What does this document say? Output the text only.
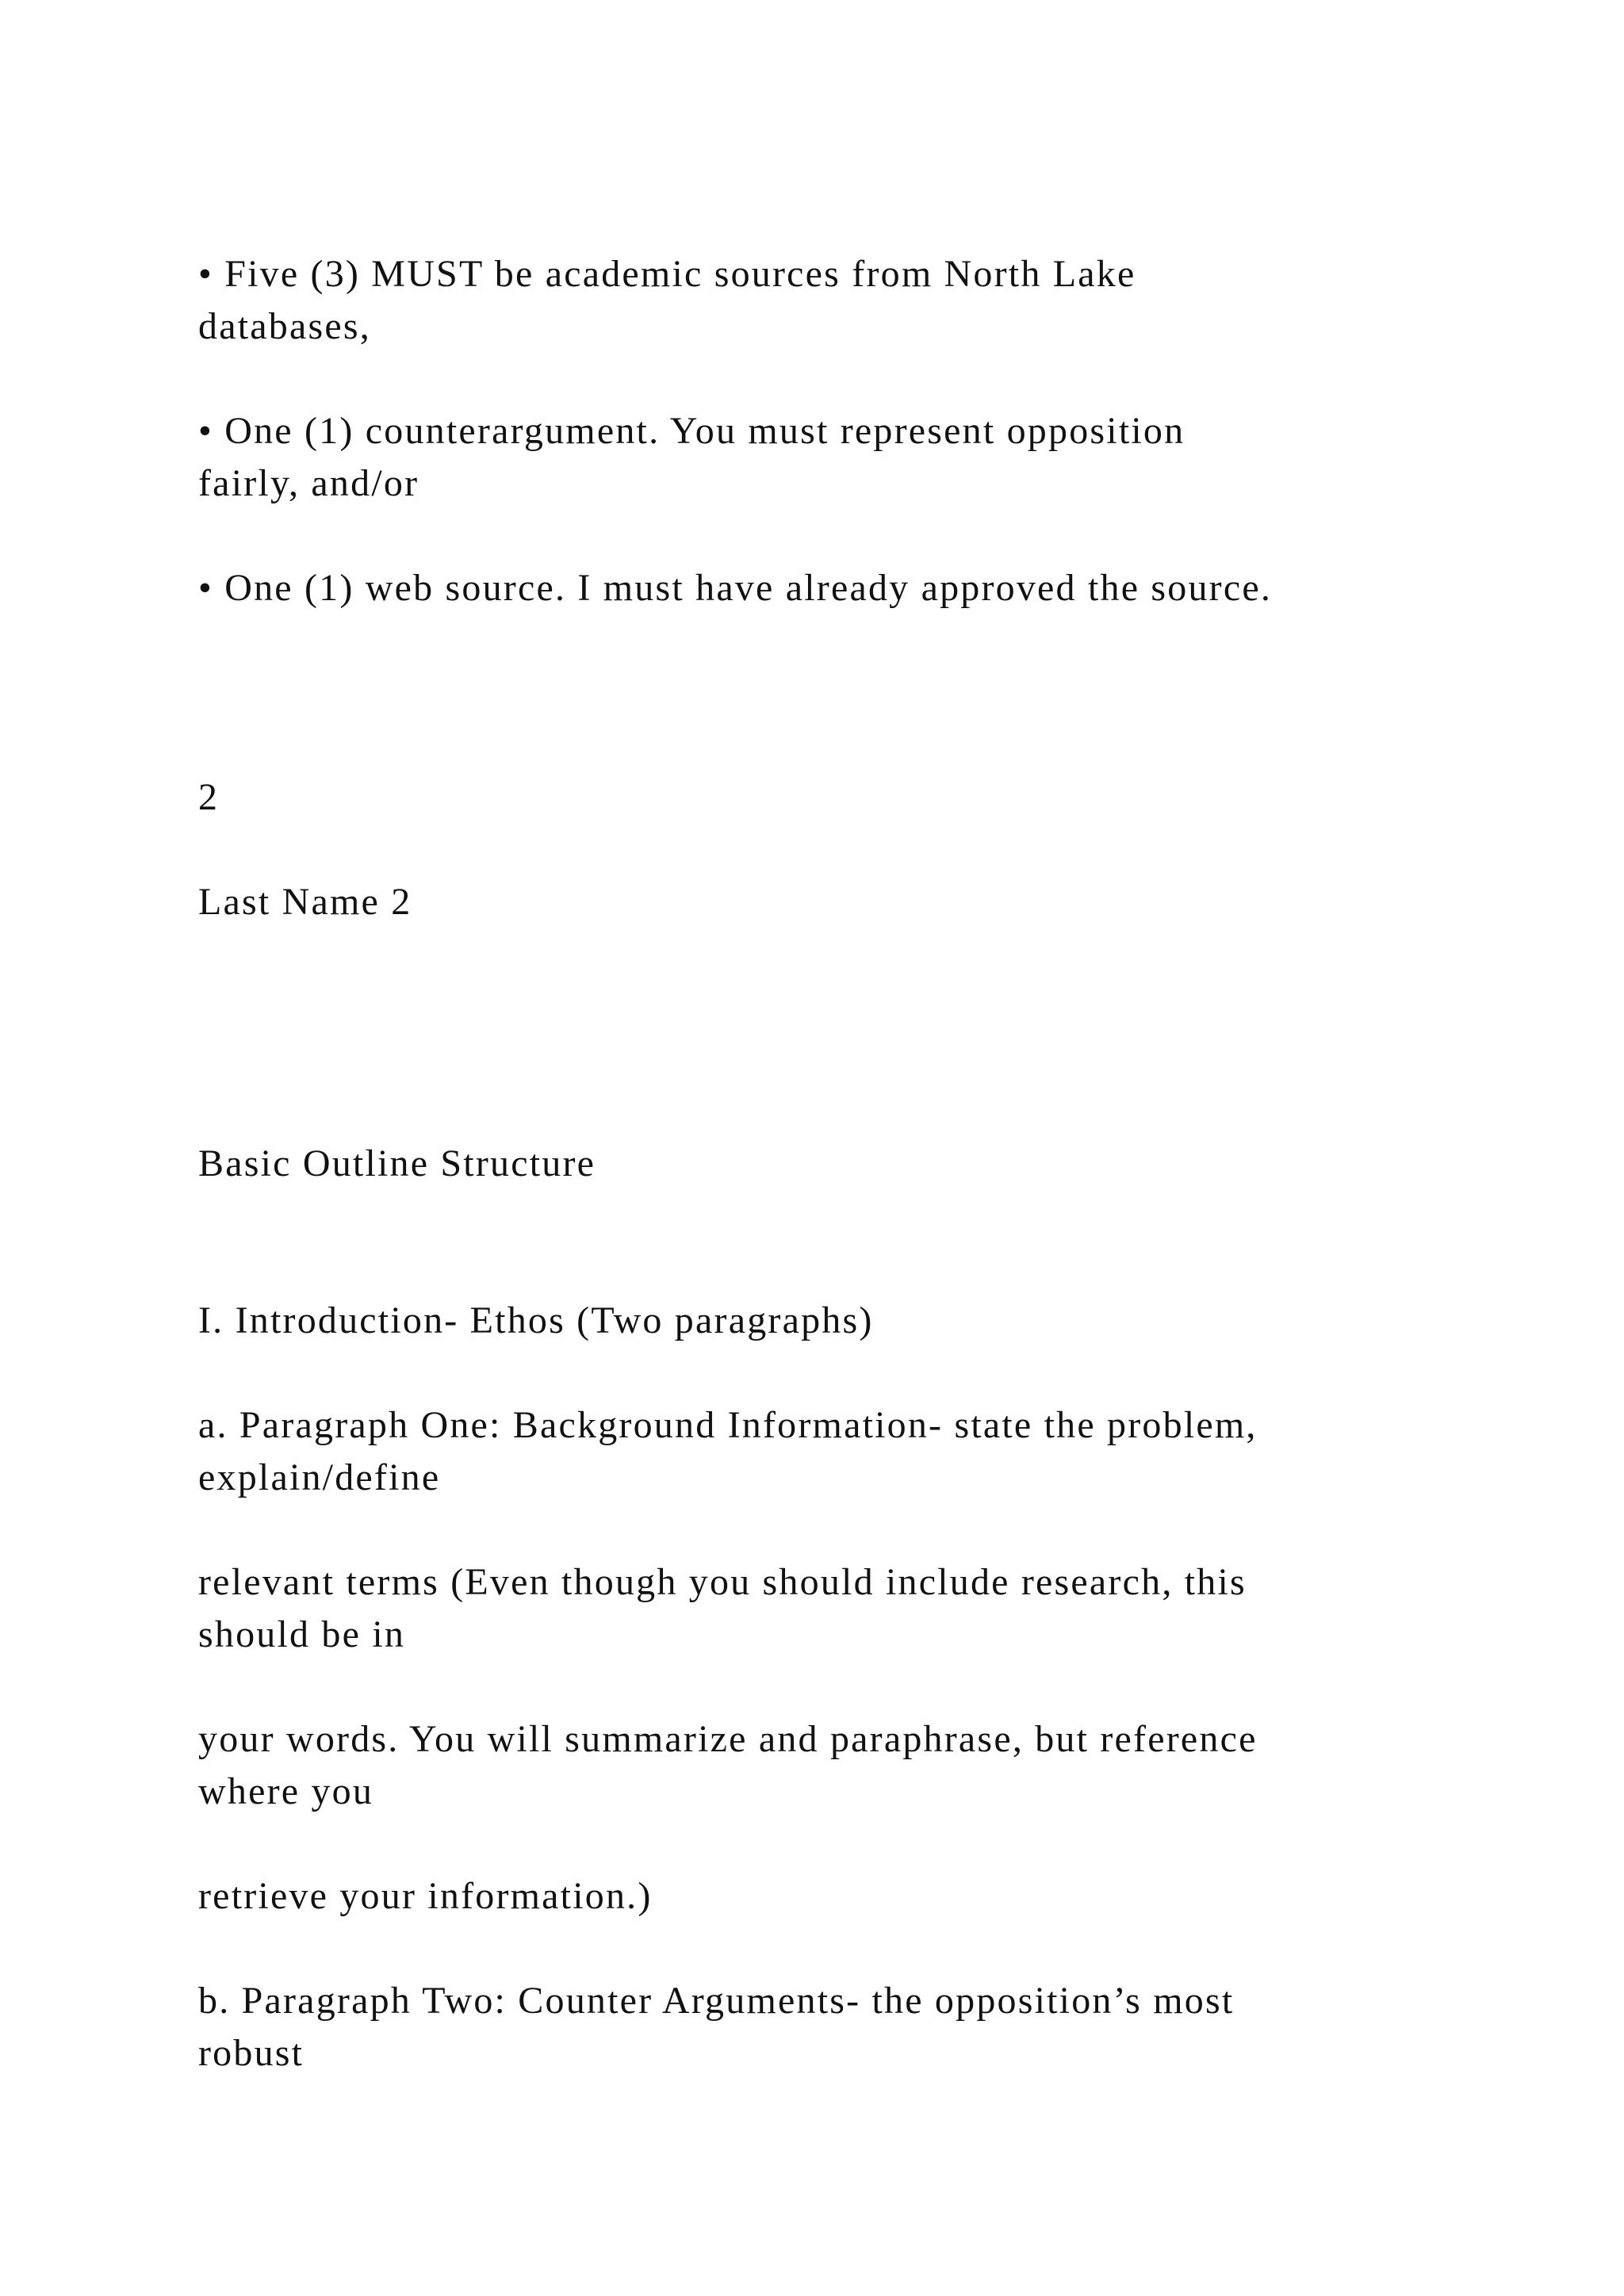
• Five (3) MUST be academic sources from North Lake
databases,
• One (1) counterargument. You must represent opposition
fairly, and/or
• One (1) web source. I must have already approved the source.
2
Last Name 2
Basic Outline Structure
I. Introduction- Ethos (Two paragraphs)
a. Paragraph One: Background Information- state the problem,
explain/define
relevant terms (Even though you should include research, this
should be in
your words. You will summarize and paraphrase, but reference
where you
retrieve your information.)
b. Paragraph Two: Counter Arguments- the opposition’s most
robust
